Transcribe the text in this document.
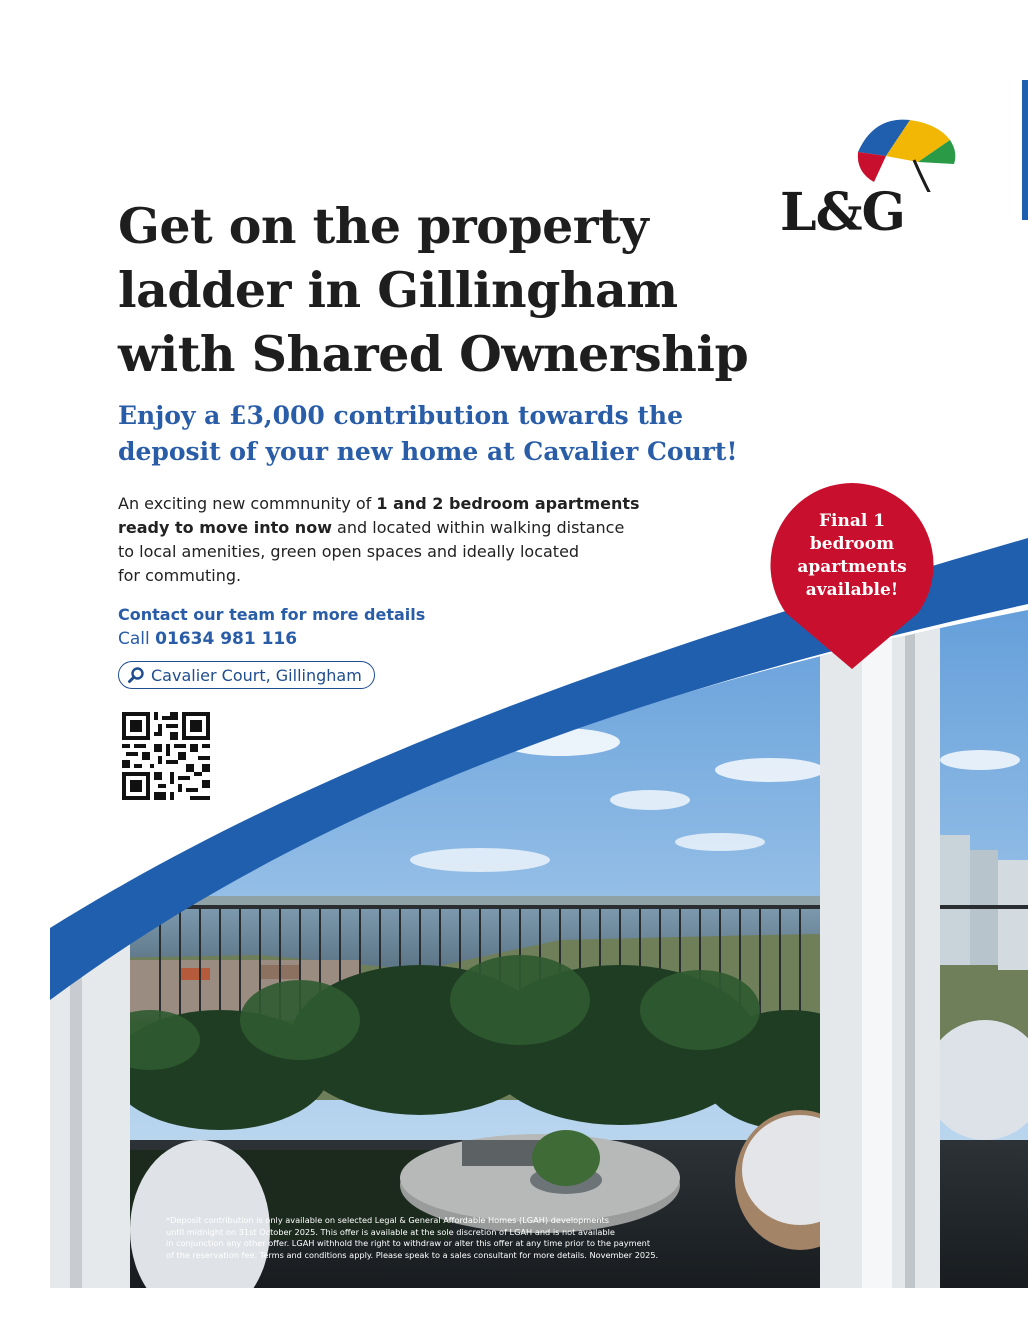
L&G
Get on the property
ladder in Gillingham
with Shared Ownership
Enjoy a £3,000 contribution towards the
deposit of your new home at Cavalier Court!
An exciting new commnunity of 1 and 2 bedroom apartments
ready to move into now and located within walking distance
to local amenities, green open spaces and ideally located
for commuting.
Contact our team for more details
Call 01634 981 116
Cavalier Court, Gillingham
Final 1
bedroom
apartments
available!
*Deposit contribution is only available on selected Legal & General Affordable Homes (LGAH) developments
until midnight on 31st October 2025. This offer is available at the sole discretion of LGAH and is not available
in conjunction any other offer. LGAH withhold the right to withdraw or alter this offer at any time prior to the payment
of the reservation fee. Terms and conditions apply. Please speak to a sales consultant for more details. November 2025.
